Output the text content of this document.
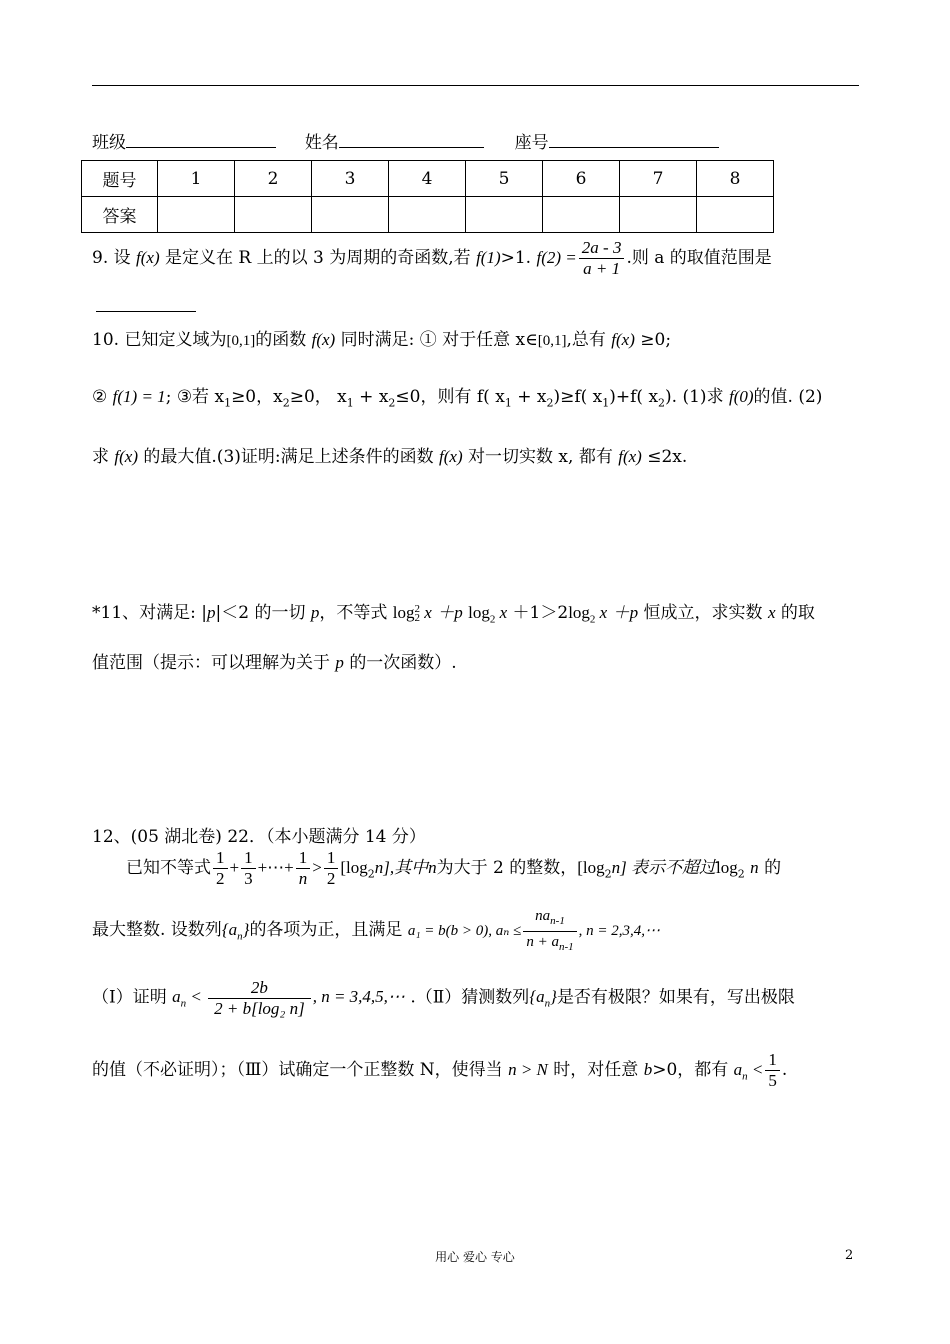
班级	姓名	座号
题号	1	2	3	4	5	6	7	8
答案								
9. 设 f(x) 是定义在 R 上的以 3 为周期的奇函数,若 f(1)>1. $f(2) = \frac{2a - 3}{a + 1}$ .则 a 的取值范围是
10. 已知定义域为[0,1]的函数 f(x) 同时满足: ① 对于任意 x∈[0,1],总有 f(x) ≥0;
② f(1) = 1; ③若 $x_1\ge 0$，$x_2\ge 0$， $x_1 + x_2\le 0$，则有 f( $x_1 + x_2)\ge f$( $x_1)+f$( $x_2$). (1)求 f(0)的值. (2)
求 f(x) 的最大值.(3)证明:满足上述条件的函数 f(x) 对一切实数 x, 都有 f(x) ≤2x.
*11、对满足: |p|＜2 的一切 p，不等式 log 2
2 x ＋p $\log_2 x +1>2\log_2$ x ＋p 恒成立，求实数 x 的取
值范围（提示：可以理解为关于 p 的一次函数）.
12、(05 湖北卷) 22．（本小题满分 14 分）
已知不等式 $\frac{1}{2} + \frac{1}{3}$ +⋯+ $\frac{1}{n} > \frac{1}{2} [\log_2n]$,其中n为大于 2 的整数，$[\log_2n]$ 表示不超过$\log_2 n$ 的
最大整数. 设数列$\{a_n\}$的各项为正，且满足 a₁ = b(b > 0), $a_n \le \frac{na_{n-1}}{n + a_{n-1}}$ , n = 2,3,4,⋯
（Ⅰ）证明 $a_n < \frac{2b}{\text{2 + b[log₂ n]}}$ , n = 3,4,5,⋯ .（Ⅱ）猜测数列$\{a_n\}$是否有极限？如果有，写出极限
的值（不必证明）；（Ⅲ）试确定一个正整数 N，使得当 n > N 时，对任意 b>0，都有 $a_n < \frac{1}{5}$ .
用心 爱心 专心	2
